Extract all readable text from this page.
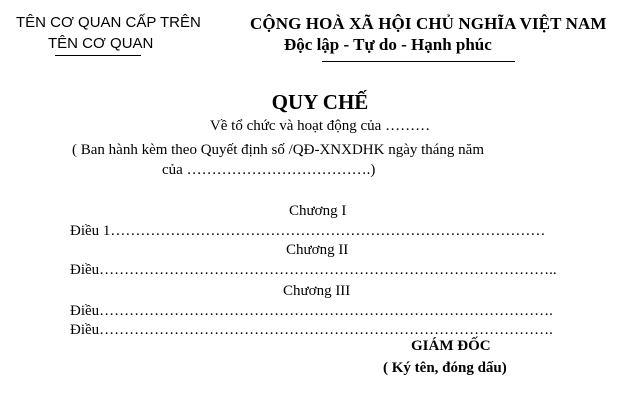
TÊN CƠ QUAN CẤP TRÊN
TÊN CƠ QUAN
CỘNG HOÀ XÃ HỘI CHỦ NGHĨA VIỆT NAM
Độc lập - Tự do - Hạnh phúc
QUY CHẾ
Về tổ chức và hoạt động của ………
( Ban hành kèm theo Quyết định số /QĐ-XNXDHK ngày tháng năm
của ……………………………….)
Chương I
Điều 1……………………………………………………………………………
Chương II
Điều………………………………………………………………………………..
Chương III
Điều……………………………………………………………………………….
Điều……………………………………………………………………………….
GIÁM ĐỐC
( Ký tên, đóng dấu)
